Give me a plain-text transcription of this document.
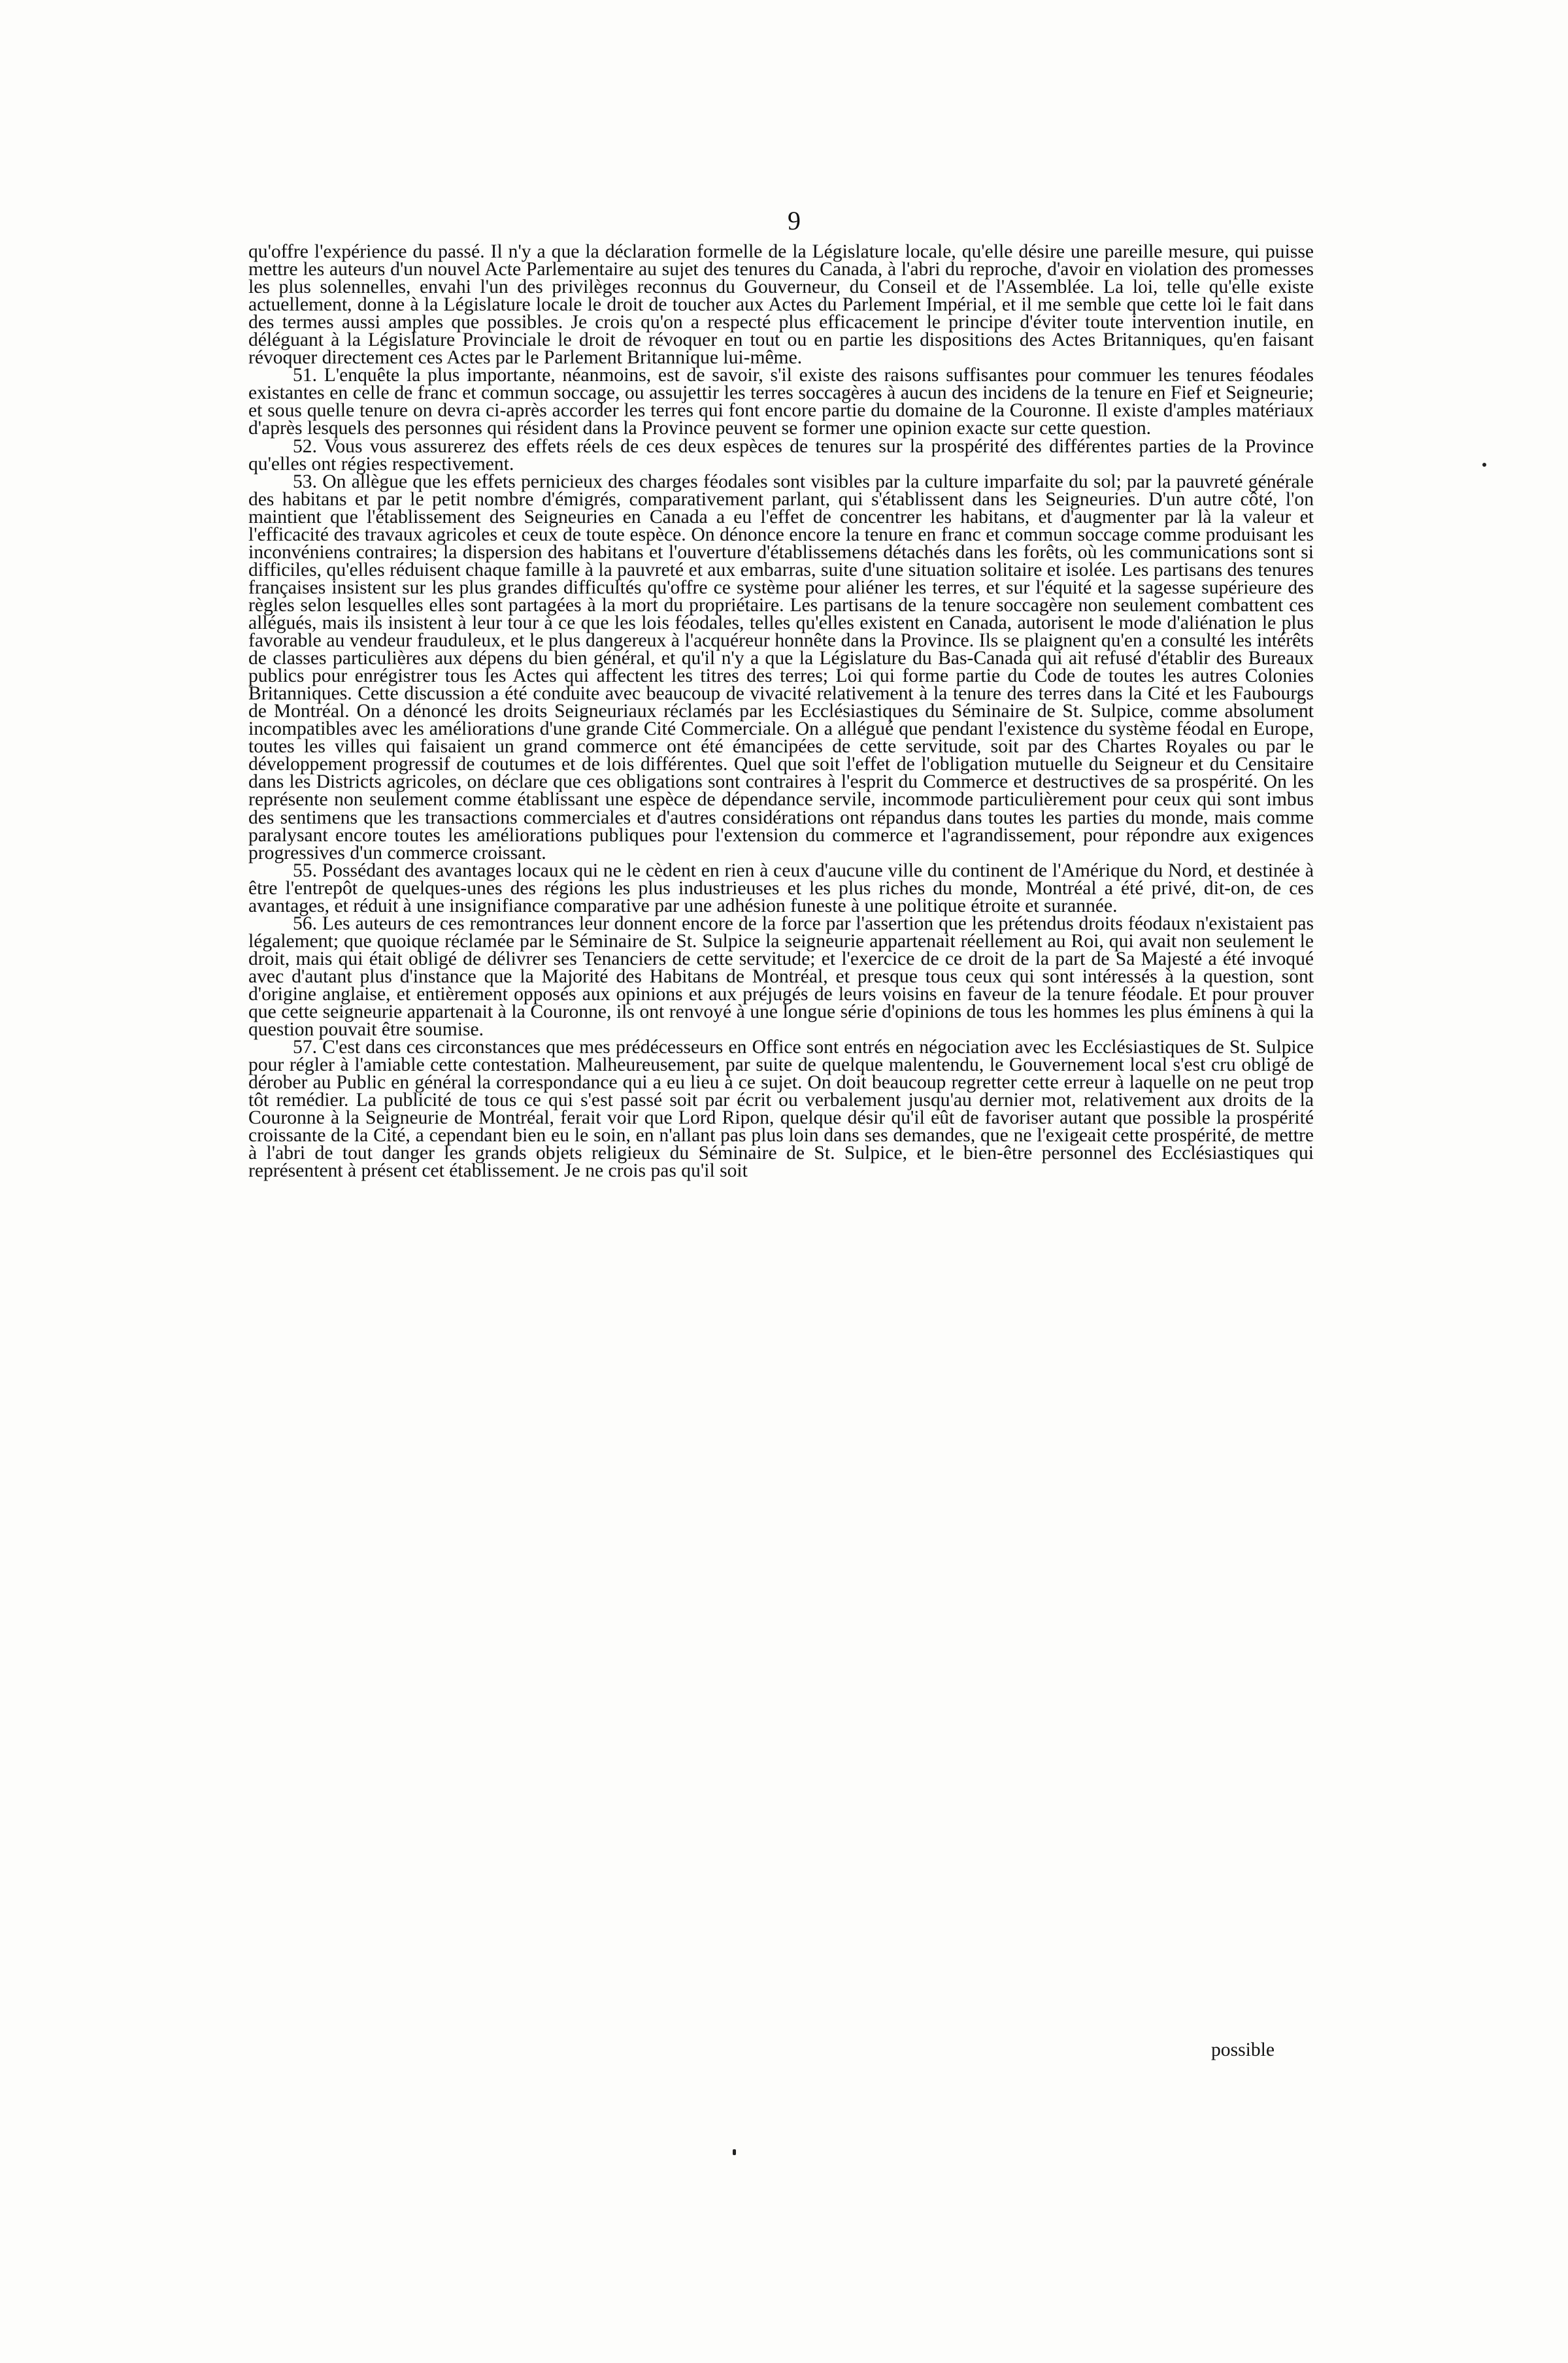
9

qu'offre l'expérience du passé. Il n'y a que la déclaration formelle de la Législature locale, qu'elle désire une pareille mesure, qui puisse mettre les auteurs d'un nouvel Acte Parlementaire au sujet des tenures du Canada, à l'abri du reproche, d'avoir en violation des promesses les plus solennelles, envahi l'un des privilèges reconnus du Gouverneur, du Conseil et de l'Assemblée. La loi, telle qu'elle existe actuellement, donne à la Législature locale le droit de toucher aux Actes du Parlement Impérial, et il me semble que cette loi le fait dans des termes aussi amples que possibles. Je crois qu'on a respecté plus efficacement le principe d'éviter toute intervention inutile, en déléguant à la Législature Provinciale le droit de révoquer en tout ou en partie les dispositions des Actes Britanniques, qu'en faisant révoquer directement ces Actes par le Parlement Britannique lui-même.

51. L'enquête la plus importante, néanmoins, est de savoir, s'il existe des raisons suffisantes pour commuer les tenures féodales existantes en celle de franc et commun soccage, ou assujettir les terres soccagères à aucun des incidens de la tenure en Fief et Seigneurie; et sous quelle tenure on devra ci-après accorder les terres qui font encore partie du domaine de la Couronne. Il existe d'amples matériaux d'après lesquels des personnes qui résident dans la Province peuvent se former une opinion exacte sur cette question.

52. Vous vous assurerez des effets réels de ces deux espèces de tenures sur la prospérité des différentes parties de la Province qu'elles ont régies respectivement.

53. On allègue que les effets pernicieux des charges féodales sont visibles par la culture imparfaite du sol; par la pauvreté générale des habitans et par le petit nombre d'émigrés, comparativement parlant, qui s'établissent dans les Seigneuries. D'un autre côté, l'on maintient que l'établissement des Seigneuries en Canada a eu l'effet de concentrer les habitans, et d'augmenter par là la valeur et l'efficacité des travaux agricoles et ceux de toute espèce. On dénonce encore la tenure en franc et commun soccage comme produisant les inconvéniens contraires; la dispersion des habitans et l'ouverture d'établissemens détachés dans les forêts, où les communications sont si difficiles, qu'elles réduisent chaque famille à la pauvreté et aux embarras, suite d'une situation solitaire et isolée. Les partisans des tenures françaises insistent sur les plus grandes difficultés qu'offre ce système pour aliéner les terres, et sur l'équité et la sagesse supérieure des règles selon lesquelles elles sont partagées à la mort du propriétaire. Les partisans de la tenure soccagère non seulement combattent ces allégués, mais ils insistent à leur tour à ce que les lois féodales, telles qu'elles existent en Canada, autorisent le mode d'aliénation le plus favorable au vendeur frauduleux, et le plus dangereux à l'acquéreur honnête dans la Province. Ils se plaignent qu'en a consulté les intérêts de classes particulières aux dépens du bien général, et qu'il n'y a que la Législature du Bas-Canada qui ait refusé d'établir des Bureaux publics pour enrégistrer tous les Actes qui affectent les titres des terres; Loi qui forme partie du Code de toutes les autres Colonies Britanniques. Cette discussion a été conduite avec beaucoup de vivacité relativement à la tenure des terres dans la Cité et les Faubourgs de Montréal. On a dénoncé les droits Seigneuriaux réclamés par les Ecclésiastiques du Séminaire de St. Sulpice, comme absolument incompatibles avec les améliorations d'une grande Cité Commerciale. On a allégué que pendant l'existence du système féodal en Europe, toutes les villes qui faisaient un grand commerce ont été émancipées de cette servitude, soit par des Chartes Royales ou par le développement progressif de coutumes et de lois différentes. Quel que soit l'effet de l'obligation mutuelle du Seigneur et du Censitaire dans les Districts agricoles, on déclare que ces obligations sont contraires à l'esprit du Commerce et destructives de sa prospérité. On les représente non seulement comme établissant une espèce de dépendance servile, incommode particulièrement pour ceux qui sont imbus des sentimens que les transactions commerciales et d'autres considérations ont répandus dans toutes les parties du monde, mais comme paralysant encore toutes les améliorations publiques pour l'extension du commerce et l'agrandissement, pour répondre aux exigences progressives d'un commerce croissant.

55. Possédant des avantages locaux qui ne le cèdent en rien à ceux d'aucune ville du continent de l'Amérique du Nord, et destinée à être l'entrepôt de quelques-unes des régions les plus industrieuses et les plus riches du monde, Montréal a été privé, dit-on, de ces avantages, et réduit à une insignifiance comparative par une adhésion funeste à une politique étroite et surannée.

56. Les auteurs de ces remontrances leur donnent encore de la force par l'assertion que les prétendus droits féodaux n'existaient pas légalement; que quoique réclamée par le Séminaire de St. Sulpice la seigneurie appartenait réellement au Roi, qui avait non seulement le droit, mais qui était obligé de délivrer ses Tenanciers de cette servitude; et l'exercice de ce droit de la part de Sa Majesté a été invoqué avec d'autant plus d'instance que la Majorité des Habitans de Montréal, et presque tous ceux qui sont intéressés à la question, sont d'origine anglaise, et entièrement opposés aux opinions et aux préjugés de leurs voisins en faveur de la tenure féodale. Et pour prouver que cette seigneurie appartenait à la Couronne, ils ont renvoyé à une longue série d'opinions de tous les hommes les plus éminens à qui la question pouvait être soumise.

57. C'est dans ces circonstances que mes prédécesseurs en Office sont entrés en négociation avec les Ecclésiastiques de St. Sulpice pour régler à l'amiable cette contestation. Malheureusement, par suite de quelque malentendu, le Gouvernement local s'est cru obligé de dérober au Public en général la correspondance qui a eu lieu à ce sujet. On doit beaucoup regretter cette erreur à laquelle on ne peut trop tôt remédier. La publicité de tous ce qui s'est passé soit par écrit ou verbalement jusqu'au dernier mot, relativement aux droits de la Couronne à la Seigneurie de Montréal, ferait voir que Lord Ripon, quelque désir qu'il eût de favoriser autant que possible la prospérité croissante de la Cité, a cependant bien eu le soin, en n'allant pas plus loin dans ses demandes, que ne l'exigeait cette prospérité, de mettre à l'abri de tout danger les grands objets religieux du Séminaire de St. Sulpice, et le bien-être personnel des Ecclésiastiques qui représentent à présent cet établissement. Je ne crois pas qu'il soit

possible
